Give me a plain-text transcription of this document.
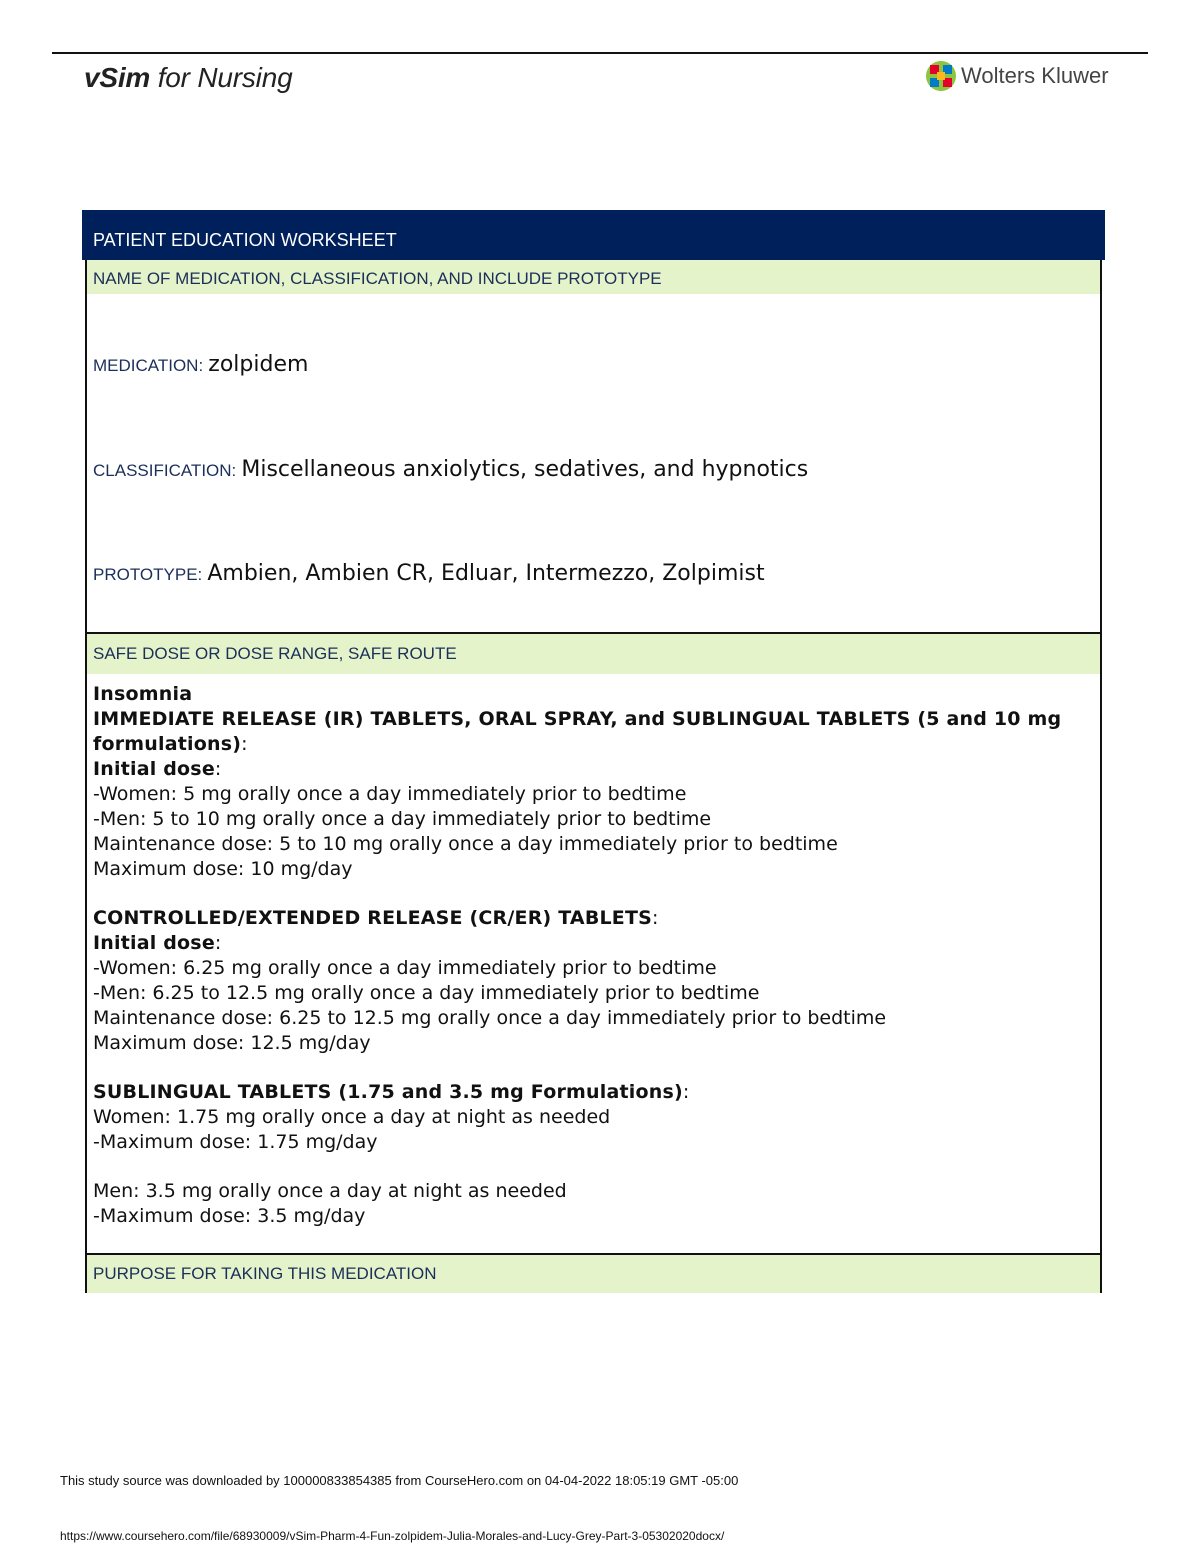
vSim for Nursing	Wolters Kluwer
PATIENT EDUCATION WORKSHEET
NAME OF MEDICATION, CLASSIFICATION, AND INCLUDE PROTOTYPE
MEDICATION: zolpidem
CLASSIFICATION: Miscellaneous anxiolytics, sedatives, and hypnotics
PROTOTYPE: Ambien, Ambien CR, Edluar, Intermezzo, Zolpimist
SAFE DOSE OR DOSE RANGE, SAFE ROUTE
Insomnia
IMMEDIATE RELEASE (IR) TABLETS, ORAL SPRAY, and SUBLINGUAL TABLETS (5 and 10 mg formulations):
Initial dose:
-Women: 5 mg orally once a day immediately prior to bedtime
-Men: 5 to 10 mg orally once a day immediately prior to bedtime
Maintenance dose: 5 to 10 mg orally once a day immediately prior to bedtime
Maximum dose: 10 mg/day
CONTROLLED/EXTENDED RELEASE (CR/ER) TABLETS:
Initial dose:
-Women: 6.25 mg orally once a day immediately prior to bedtime
-Men: 6.25 to 12.5 mg orally once a day immediately prior to bedtime
Maintenance dose: 6.25 to 12.5 mg orally once a day immediately prior to bedtime
Maximum dose: 12.5 mg/day
SUBLINGUAL TABLETS (1.75 and 3.5 mg Formulations):
Women: 1.75 mg orally once a day at night as needed
-Maximum dose: 1.75 mg/day
Men: 3.5 mg orally once a day at night as needed
-Maximum dose: 3.5 mg/day
PURPOSE FOR TAKING THIS MEDICATION
This study source was downloaded by 100000833854385 from CourseHero.com on 04-04-2022 18:05:19 GMT -05:00
https://www.coursehero.com/file/68930009/vSim-Pharm-4-Fun-zolpidem-Julia-Morales-and-Lucy-Grey-Part-3-05302020docx/
